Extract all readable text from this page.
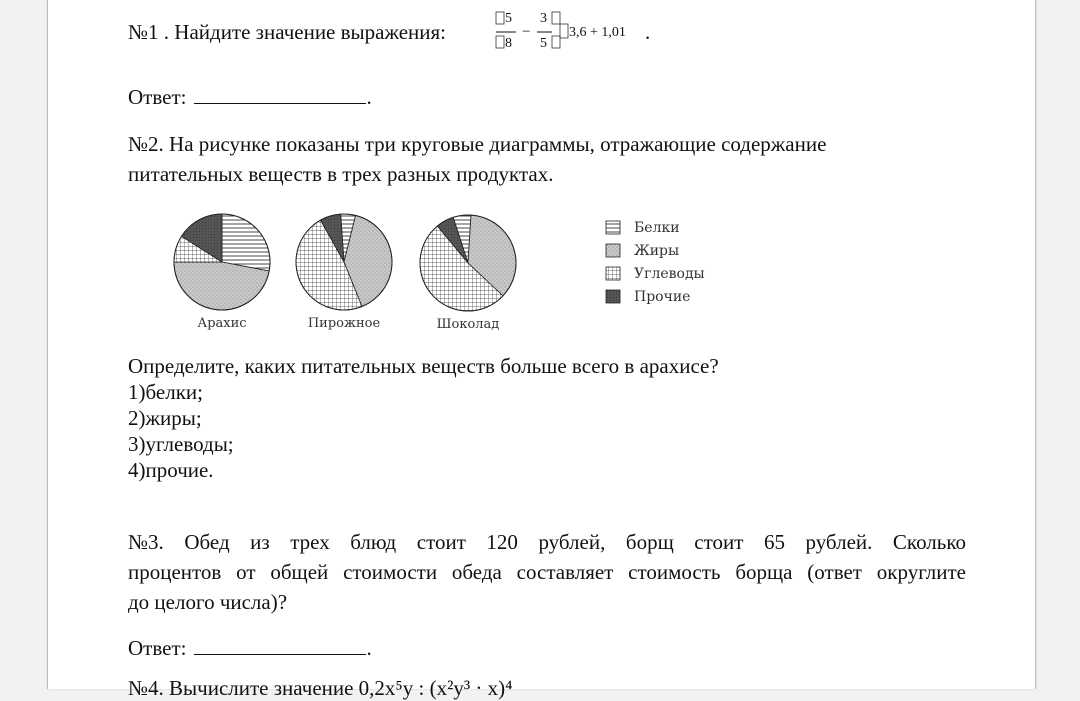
№1 . Найдите значение выражения:
5
8
−
3
5
3,6 + 1,01 .
Ответ:	.
№2. На рисунке показаны три круговые диаграммы, отражающие содержание
питательных веществ в трех разных продуктах.
Арахис	Пирожное	Шоколад
Белки
Жиры
Углеводы
Прочие
Определите, каких питательных веществ больше всего в арахисе?
1)белки;
2)жиры;
3)углеводы;
4)прочие.
№3. Обед из трех блюд стоит 120 рублей, борщ стоит 65 рублей. Сколько
процентов от общей стоимости обеда составляет стоимость борща (ответ округлите
до целого числа)?
Ответ:	.
№4. Вычислите значение 0,2x⁵y : (x²y³ · x)⁴
